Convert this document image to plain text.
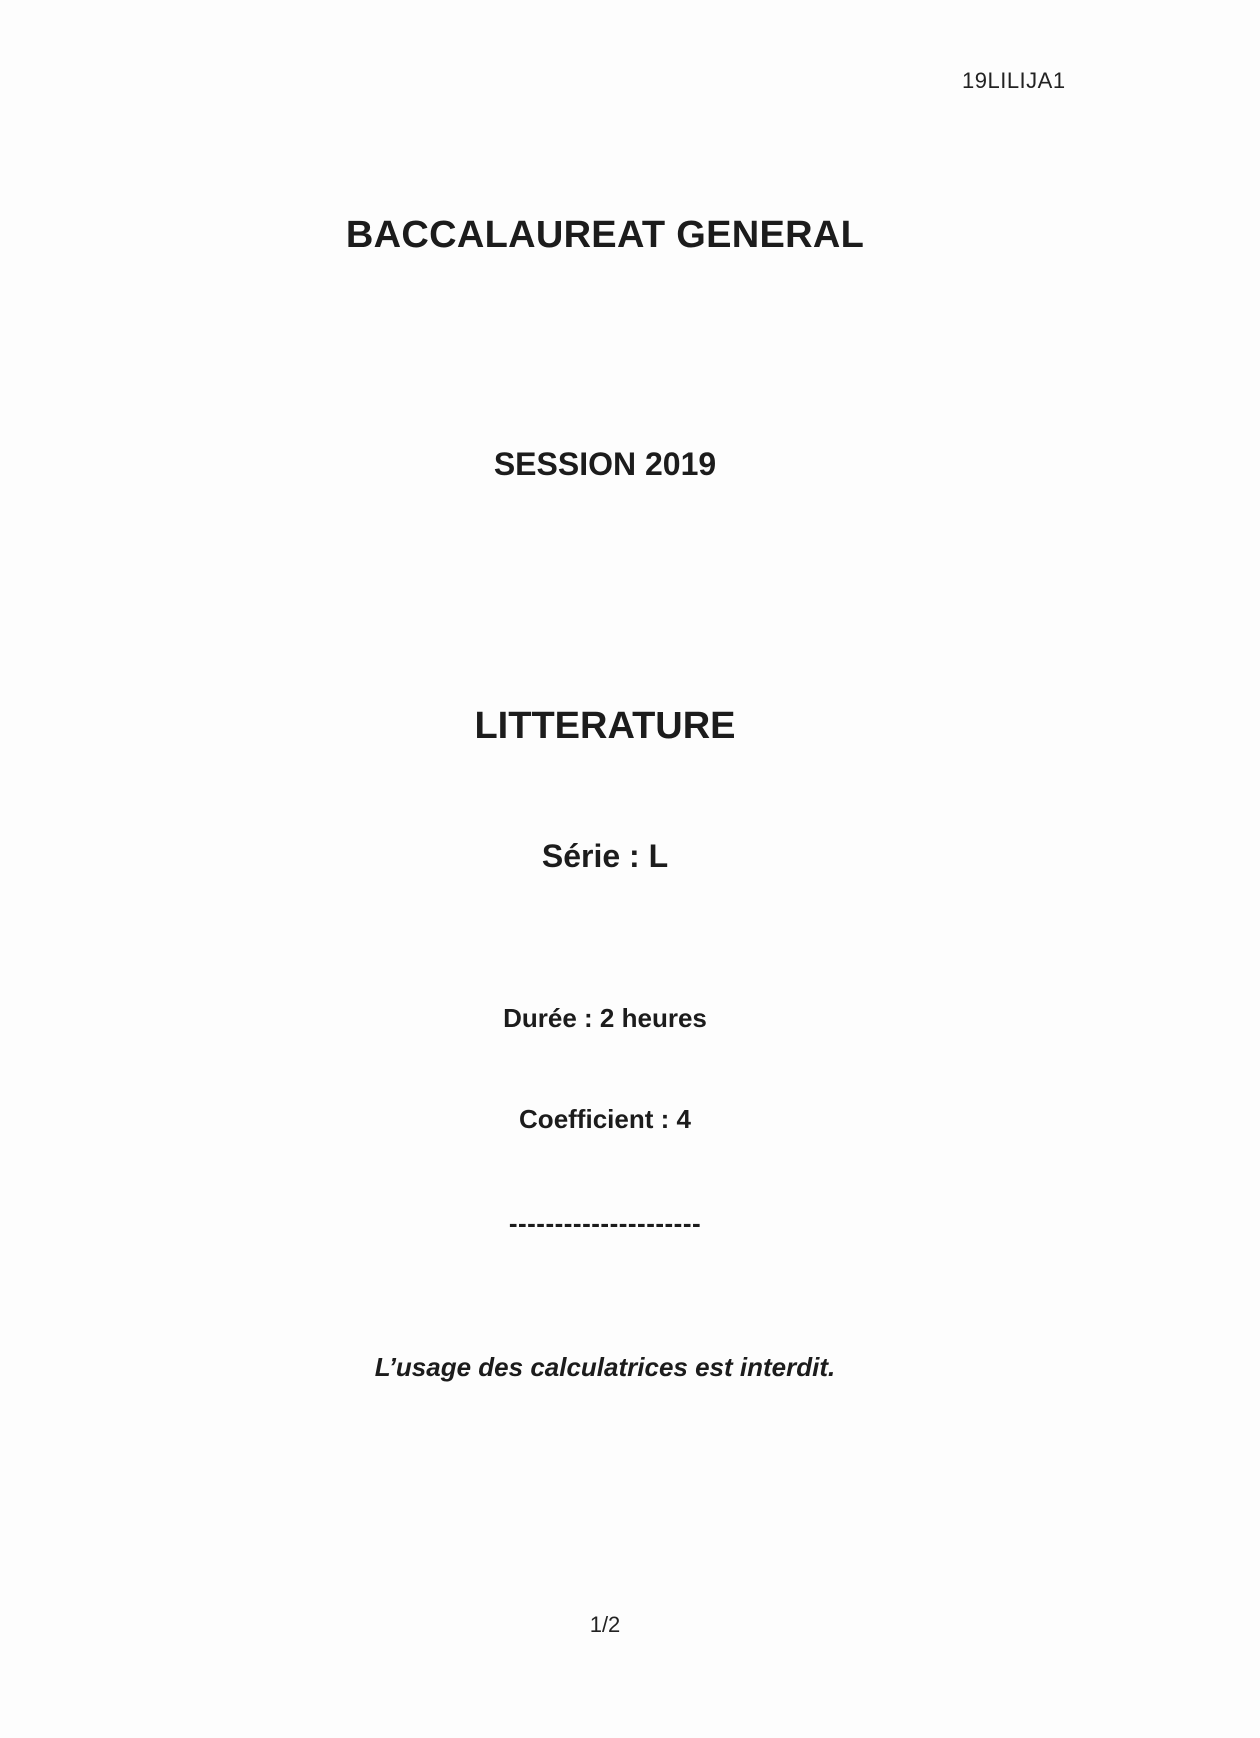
19LILIJA1
BACCALAUREAT GENERAL
SESSION 2019
LITTERATURE
Série : L
Durée : 2 heures
Coefficient : 4
---------------------
L’usage des calculatrices est interdit.
1/2
